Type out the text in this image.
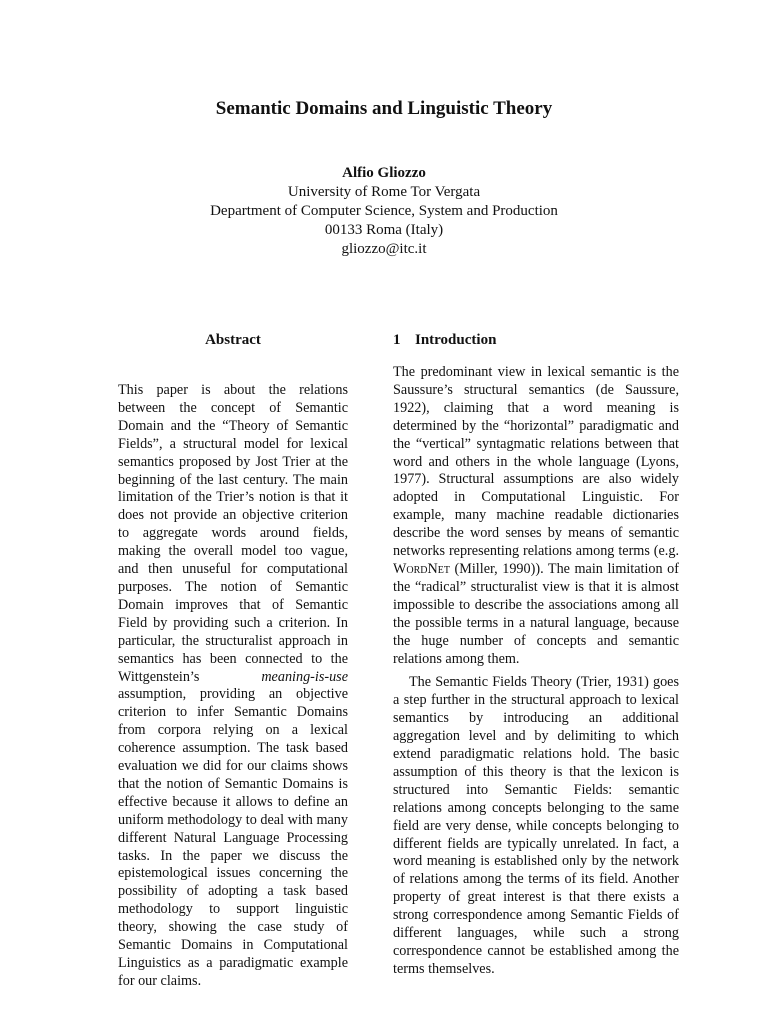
Semantic Domains and Linguistic Theory
Alfio Gliozzo
University of Rome Tor Vergata
Department of Computer Science, System and Production
00133 Roma (Italy)
gliozzo@itc.it
Abstract

This paper is about the relations between the concept of Semantic Domain and the “Theory of Semantic Fields”, a structural model for lexical semantics proposed by Jost Trier at the beginning of the last century. The main limitation of the Trier’s notion is that it does not provide an objective criterion to aggregate words around fields, making the overall model too vague, and then unuseful for computational purposes. The notion of Semantic Domain improves that of Semantic Field by providing such a criterion. In particular, the structuralist approach in semantics has been connected to the Wittgenstein’s meaning-is-use assumption, providing an objective criterion to infer Semantic Domains from corpora relying on a lexical coherence assumption. The task based evaluation we did for our claims shows that the notion of Semantic Domains is effective because it allows to define an uniform methodology to deal with many different Natural Language Processing tasks. In the paper we discuss the epistemological issues concerning the possibility of adopting a task based methodology to support linguistic theory, showing the case study of Semantic Domains in Computational Linguistics as a paradigmatic example for our claims.

1 Introduction

The predominant view in lexical semantic is the Saussure’s structural semantics (de Saussure, 1922), claiming that a word meaning is determined by the “horizontal” paradigmatic and the “vertical” syntagmatic relations between that word and others in the whole language (Lyons, 1977). Structural assumptions are also widely adopted in Computational Linguistic. For example, many machine readable dictionaries describe the word senses by means of semantic networks representing relations among terms (e.g. WordNet (Miller, 1990)). The main limitation of the “radical” structuralist view is that it is almost impossible to describe the associations among all the possible terms in a natural language, because the huge number of concepts and semantic relations among them.

The Semantic Fields Theory (Trier, 1931) goes a step further in the structural approach to lexical semantics by introducing an additional aggregation level and by delimiting to which extend paradigmatic relations hold. The basic assumption of this theory is that the lexicon is structured into Semantic Fields: semantic relations among concepts belonging to the same field are very dense, while concepts belonging to different fields are typically unrelated. In fact, a word meaning is established only by the network of relations among the terms of its field. Another property of great interest is that there exists a strong correspondence among Semantic Fields of different languages, while such a strong correspondence cannot be established among the terms themselves.
